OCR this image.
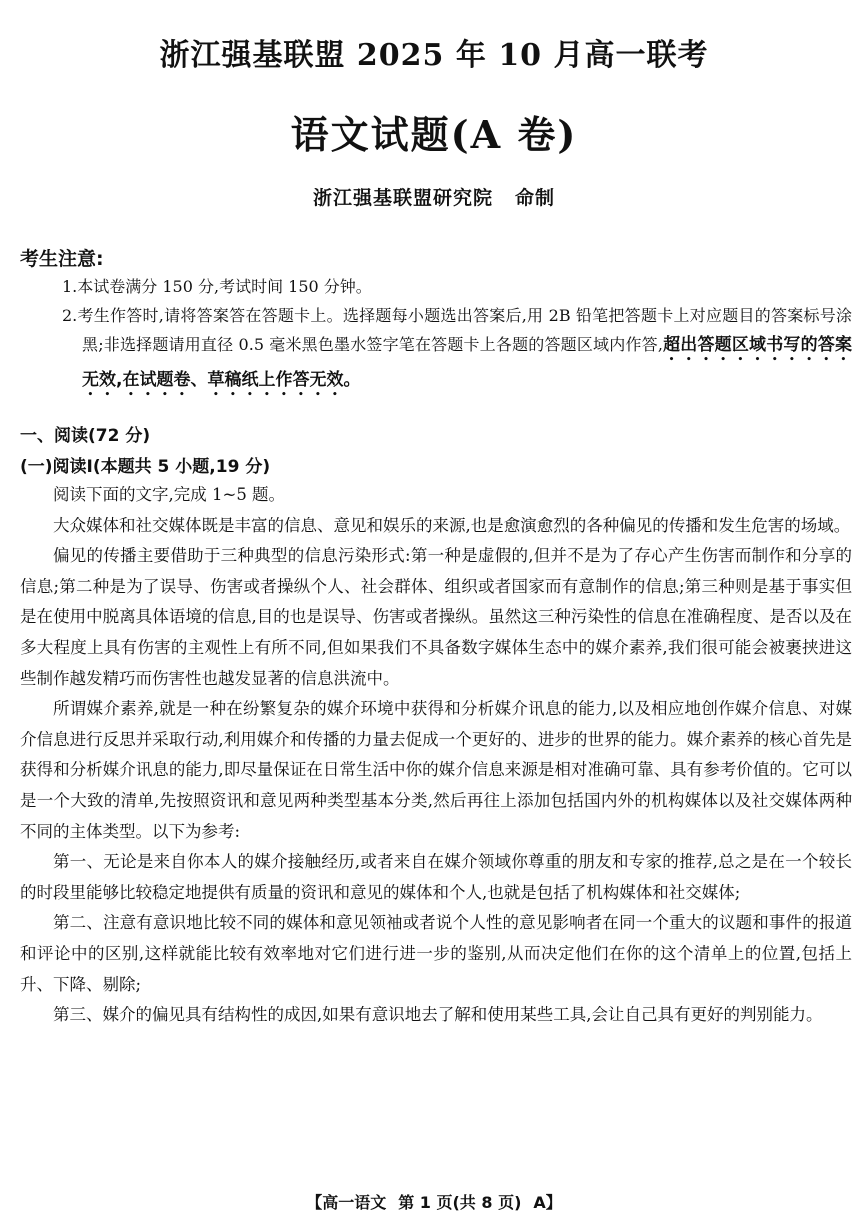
浙江强基联盟 2025 年 10 月高一联考
语文试题(A 卷)
浙江强基联盟研究院 命制
考生注意:

1.本试卷满分 150 分,考试时间 150 分钟。

2.考生作答时,请将答案答在答题卡上。选择题每小题选出答案后,用 2B 铅笔把答题卡上对应题目的答案标号涂黑;非选择题请用直径 0.5 毫米黑色墨水签字笔在答题卡上各题的答题区域内作答,超出答题区域书写的答案无效,在试题卷、草稿纸上作答无效。

一、阅读(72 分)
(一)阅读Ⅰ(本题共 5 小题,19 分)

阅读下面的文字,完成 1~5 题。

大众媒体和社交媒体既是丰富的信息、意见和娱乐的来源,也是愈演愈烈的各种偏见的传播和发生危害的场域。

偏见的传播主要借助于三种典型的信息污染形式:第一种是虚假的,但并不是为了存心产生伤害而制作和分享的信息;第二种是为了误导、伤害或者操纵个人、社会群体、组织或者国家而有意制作的信息;第三种则是基于事实但是在使用中脱离具体语境的信息,目的也是误导、伤害或者操纵。虽然这三种污染性的信息在准确程度、是否以及在多大程度上具有伤害的主观性上有所不同,但如果我们不具备数字媒体生态中的媒介素养,我们很可能会被裹挟进这些制作越发精巧而伤害性也越发显著的信息洪流中。

所谓媒介素养,就是一种在纷繁复杂的媒介环境中获得和分析媒介讯息的能力,以及相应地创作媒介信息、对媒介信息进行反思并采取行动,利用媒介和传播的力量去促成一个更好的、进步的世界的能力。媒介素养的核心首先是获得和分析媒介讯息的能力,即尽量保证在日常生活中你的媒介信息来源是相对准确可靠、具有参考价值的。它可以是一个大致的清单,先按照资讯和意见两种类型基本分类,然后再往上添加包括国内外的机构媒体以及社交媒体两种不同的主体类型。以下为参考:

第一、无论是来自你本人的媒介接触经历,或者来自在媒介领域你尊重的朋友和专家的推荐,总之是在一个较长的时段里能够比较稳定地提供有质量的资讯和意见的媒体和个人,也就是包括了机构媒体和社交媒体;

第二、注意有意识地比较不同的媒体和意见领袖或者说个人性的意见影响者在同一个重大的议题和事件的报道和评论中的区别,这样就能比较有效率地对它们进行进一步的鉴别,从而决定他们在你的这个清单上的位置,包括上升、下降、剔除;

第三、媒介的偏见具有结构性的成因,如果有意识地去了解和使用某些工具,会让自己具有更好的判别能力。

【高一语文 第 1 页(共 8 页) A】
